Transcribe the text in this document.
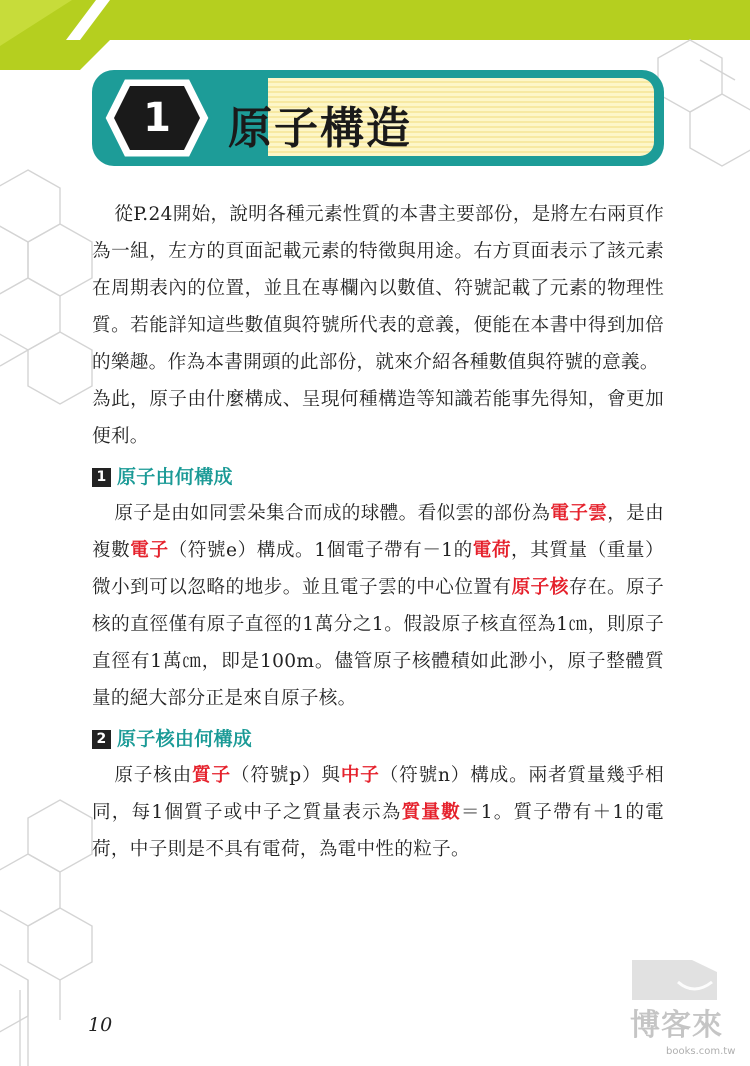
1	原子構造

從P.24開始，說明各種元素性質的本書主要部份，是將左右兩頁作為一組，左方的頁面記載元素的特徵與用途。右方頁面表示了該元素在周期表內的位置，並且在專欄內以數值、符號記載了元素的物理性質。若能詳知這些數值與符號所代表的意義，便能在本書中得到加倍的樂趣。作為本書開頭的此部份，就來介紹各種數值與符號的意義。

為此，原子由什麼構成、呈現何種構造等知識若能事先得知，會更加便利。

1 原子由何構成

原子是由如同雲朵集合而成的球體。看似雲的部份為電子雲，是由複數電子（符號e）構成。1個電子帶有－1的電荷，其質量（重量）微小到可以忽略的地步。並且電子雲的中心位置有原子核存在。原子核的直徑僅有原子直徑的1萬分之1。假設原子核直徑為1㎝，則原子直徑有1萬㎝，即是100m。儘管原子核體積如此渺小，原子整體質量的絕大部分正是來自原子核。

2 原子核由何構成

原子核由質子（符號p）與中子（符號n）構成。兩者質量幾乎相同，每1個質子或中子之質量表示為質量數＝1。質子帶有＋1的電荷，中子則是不具有電荷，為電中性的粒子。

10	博客來
books.com.tw
